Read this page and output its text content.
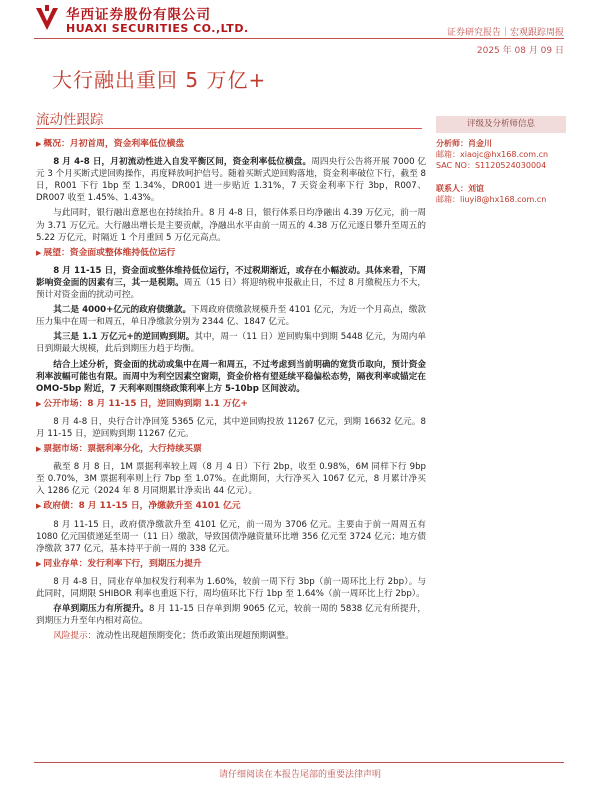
华西证券股份有限公司
HUAXI SECURITIES CO.,LTD.	证券研究报告｜宏观跟踪周报
2025 年 08 月 09 日
大行融出重回 5 万亿+
流动性跟踪	评级及分析师信息
分析师：肖金川
邮箱：xiaojc@hx168.com.cn
SAC NO：S1120524030004
联系人：刘谊
邮箱：liuyi8@hx168.com.cn
▶ 概况：月初首周，资金利率低位横盘

8 月 4-8 日，月初流动性进入自发平衡区间，资金利率低位横盘。周四央行公告将开展 7000 亿元 3 个月买断式逆回购操作，再度释放呵护信号。随着买断式逆回购落地，资金利率破位下行，截至 8 日，R001 下行 1bp 至 1.34%，DR001 进一步贴近 1.31%，7 天资金利率下行 3bp，R007、DR007 收至 1.45%、1.43%。

与此同时，银行融出意愿也在持续抬升。8 月 4-8 日，银行体系日均净融出 4.39 万亿元，前一周为 3.71 万亿元。大行融出增长是主要贡献，净融出水平由前一周五的 4.38 万亿元逐日攀升至周五的 5.22 万亿元，时隔近 1 个月重回 5 万亿元高点。

▶ 展望：资金面或整体维持低位运行

8 月 11-15 日，资金面或整体维持低位运行，不过税期渐近，或存在小幅波动。具体来看，下周影响资金面的因素有三，其一是税期。周五（15 日）将迎纳税申报截止日，不过 8 月缴税压力不大，预计对资金面的扰动可控。

其二是 4000+亿元的政府债缴款。下周政府债缴款规模升至 4101 亿元，为近一个月高点，缴款压力集中在周一和周五，单日净缴款分别为 2344 亿、1847 亿元。

其三是 1.1 万亿元+的逆回购到期。其中，周一（11 日）逆回购集中到期 5448 亿元，为周内单日到期最大规模，此后到期压力趋于均衡。

结合上述分析，资金面的扰动或集中在周一和周五，不过考虑到当前明确的宽货币取向，预计资金利率波幅可能也有限。而周中为利空因素空窗期，资金价格有望延续平稳偏松态势，隔夜利率或锚定在 OMO-5bp 附近，7 天利率则围绕政策利率上方 5-10bp 区间波动。

▶ 公开市场：8 月 11-15 日，逆回购到期 1.1 万亿+

8 月 4-8 日，央行合计净回笼 5365 亿元，其中逆回购投放 11267 亿元，到期 16632 亿元。8 月 11-15 日，逆回购到期 11267 亿元。

▶ 票据市场：票据利率分化，大行持续买票

截至 8 月 8 日，1M 票据利率较上周（8 月 4 日）下行 2bp，收至 0.98%，6M 同样下行 9bp 至 0.70%，3M 票据利率则上行 7bp 至 1.07%。在此期间，大行净买入 1067 亿元，8 月累计净买入 1286 亿元（2024 年 8 月同期累计净卖出 44 亿元）。

▶ 政府债：8 月 11-15 日，净缴款升至 4101 亿元

8 月 11-15 日，政府债净缴款升至 4101 亿元，前一周为 3706 亿元。主要由于前一周周五有 1080 亿元国债递延至周一（11 日）缴款，导致国债净融资量环比增 356 亿元至 3724 亿元；地方债净缴款 377 亿元，基本持平于前一周的 338 亿元。

▶ 同业存单：发行利率下行，到期压力提升

8 月 4-8 日，同业存单加权发行利率为 1.60%，较前一周下行 3bp（前一周环比上行 2bp）。与此同时，同期限 SHIBOR 利率也重返下行，周均值环比下行 1bp 至 1.64%（前一周环比上行 2bp）。

存单到期压力有所提升。8 月 11-15 日存单到期 9065 亿元，较前一周的 5838 亿元有所提升，到期压力升至年内相对高位。

风险提示：流动性出现超预期变化；货币政策出现超预期调整。

请仔细阅读在本报告尾部的重要法律声明
